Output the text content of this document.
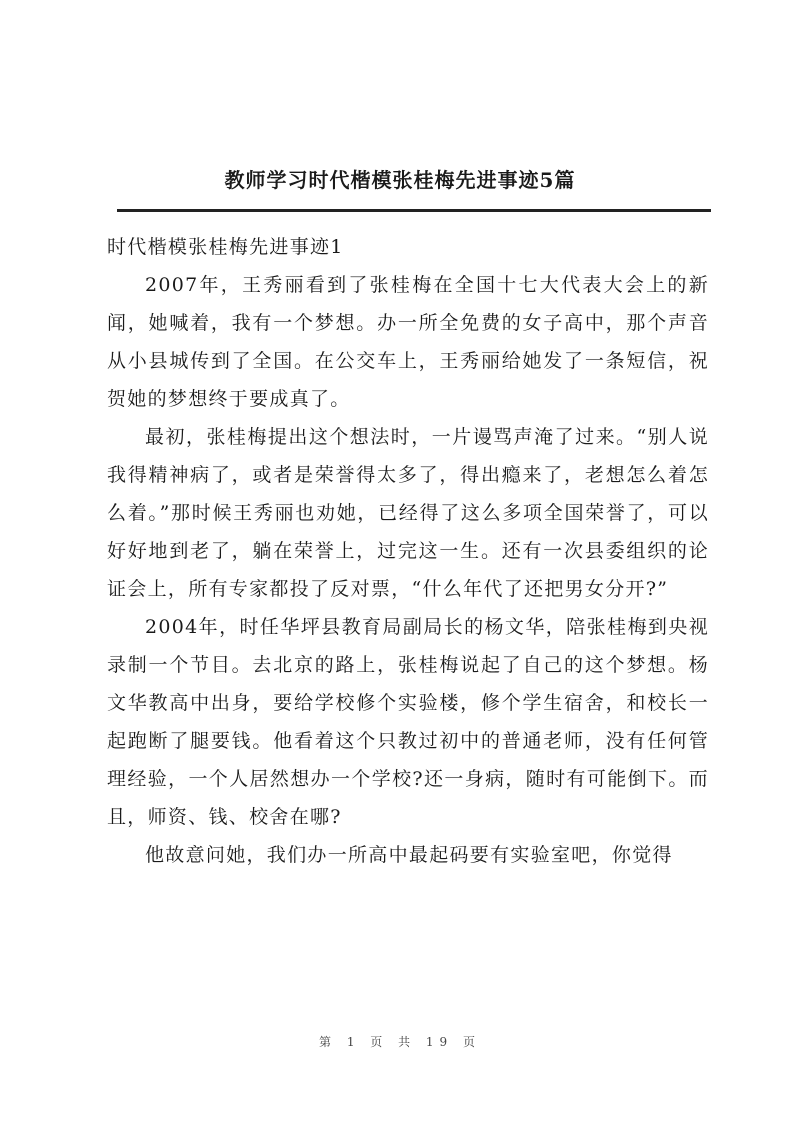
教师学习时代楷模张桂梅先进事迹5篇

时代楷模张桂梅先进事迹1

2007年，王秀丽看到了张桂梅在全国十七大代表大会上的新闻，她喊着，我有一个梦想。办一所全免费的女子高中，那个声音从小县城传到了全国。在公交车上，王秀丽给她发了一条短信，祝贺她的梦想终于要成真了。

最初，张桂梅提出这个想法时，一片谩骂声淹了过来。“别人说我得精神病了，或者是荣誉得太多了，得出瘾来了，老想怎么着怎么着。”那时候王秀丽也劝她，已经得了这么多项全国荣誉了，可以好好地到老了，躺在荣誉上，过完这一生。还有一次县委组织的论证会上，所有专家都投了反对票，“什么年代了还把男女分开?”

2004年，时任华坪县教育局副局长的杨文华，陪张桂梅到央视录制一个节目。去北京的路上，张桂梅说起了自己的这个梦想。杨文华教高中出身，要给学校修个实验楼，修个学生宿舍，和校长一起跑断了腿要钱。他看着这个只教过初中的普通老师，没有任何管理经验，一个人居然想办一个学校?还一身病，随时有可能倒下。而且，师资、钱、校舍在哪?

他故意问她，我们办一所高中最起码要有实验室吧，你觉得

第 1 页 共 19 页
